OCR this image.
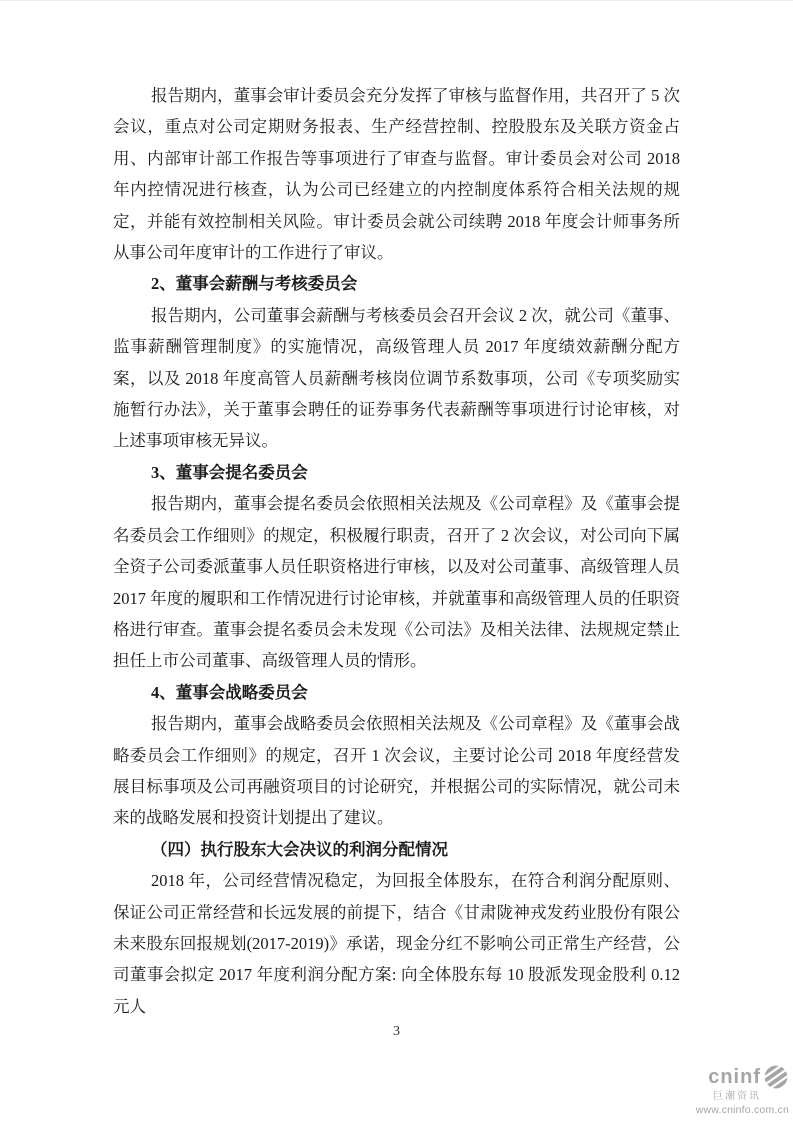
报告期内，董事会审计委员会充分发挥了审核与监督作用，共召开了 5 次会议，重点对公司定期财务报表、生产经营控制、控股股东及关联方资金占用、内部审计部工作报告等事项进行了审查与监督。审计委员会对公司 2018 年内控情况进行核查，认为公司已经建立的内控制度体系符合相关法规的规定，并能有效控制相关风险。审计委员会就公司续聘 2018 年度会计师事务所从事公司年度审计的工作进行了审议。

2、董事会薪酬与考核委员会

报告期内，公司董事会薪酬与考核委员会召开会议 2 次，就公司《董事、监事薪酬管理制度》的实施情况，高级管理人员 2017 年度绩效薪酬分配方案，以及 2018 年度高管人员薪酬考核岗位调节系数事项，公司《专项奖励实施暂行办法》，关于董事会聘任的证券事务代表薪酬等事项进行讨论审核，对上述事项审核无异议。

3、董事会提名委员会

报告期内，董事会提名委员会依照相关法规及《公司章程》及《董事会提名委员会工作细则》的规定，积极履行职责，召开了 2 次会议，对公司向下属全资子公司委派董事人员任职资格进行审核，以及对公司董事、高级管理人员 2017 年度的履职和工作情况进行讨论审核，并就董事和高级管理人员的任职资格进行审查。董事会提名委员会未发现《公司法》及相关法律、法规规定禁止担任上市公司董事、高级管理人员的情形。

4、董事会战略委员会

报告期内，董事会战略委员会依照相关法规及《公司章程》及《董事会战略委员会工作细则》的规定，召开 1 次会议，主要讨论公司 2018 年度经营发展目标事项及公司再融资项目的讨论研究，并根据公司的实际情况，就公司未来的战略发展和投资计划提出了建议。

（四）执行股东大会决议的利润分配情况

2018 年，公司经营情况稳定，为回报全体股东，在符合利润分配原则、保证公司正常经营和长远发展的前提下，结合《甘肃陇神戎发药业股份有限公未来股东回报规划(2017-2019)》承诺，现金分红不影响公司正常生产经营，公司董事会拟定 2017 年度利润分配方案: 向全体股东每 10 股派发现金股利 0.12 元人

3
cninf
巨潮资讯
www.cninfo.com.cn
